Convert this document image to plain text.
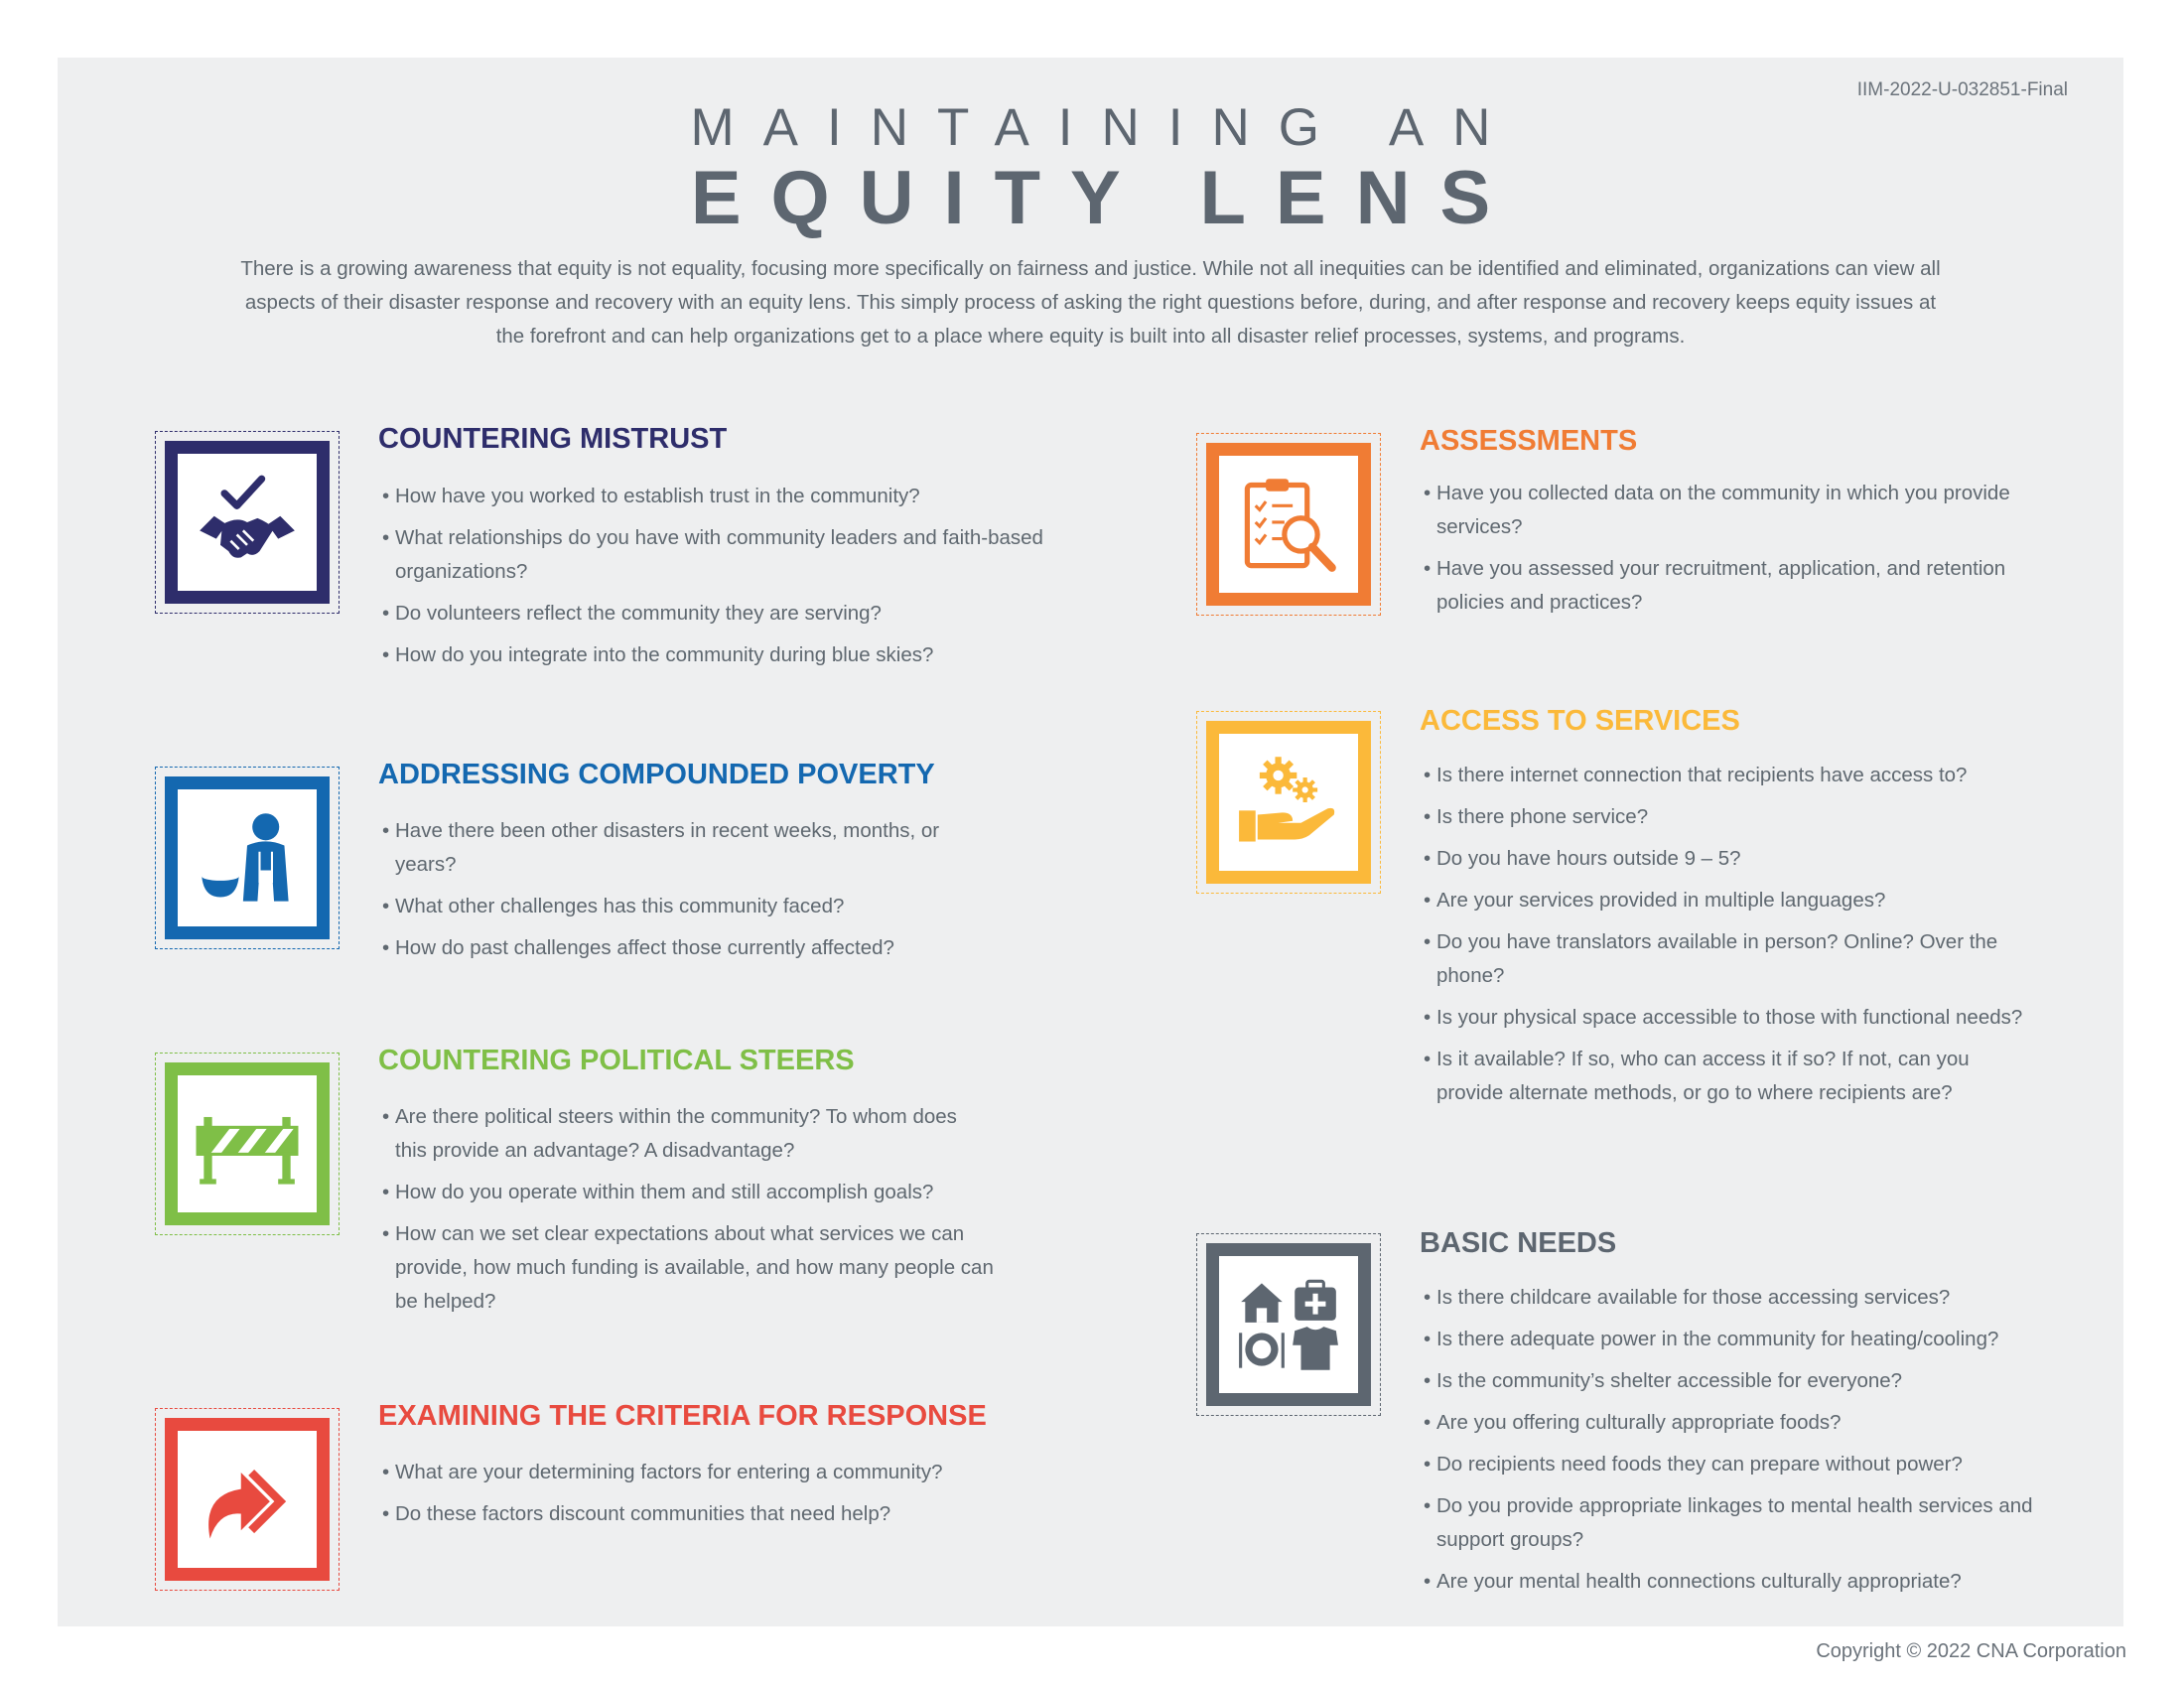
IIM-2022-U-032851-Final
MAINTAINING AN
EQUITY LENS
There is a growing awareness that equity is not equality, focusing more specifically on fairness and justice. While not all inequities can be identified and eliminated, organizations can view all aspects of their disaster response and recovery with an equity lens. This simply process of asking the right questions before, during, and after response and recovery keeps equity issues at the forefront and can help organizations get to a place where equity is built into all disaster relief processes, systems, and programs.
COUNTERING MISTRUST
• How have you worked to establish trust in the community?
• What relationships do you have with community leaders and faith-based organizations?
• Do volunteers reflect the community they are serving?
• How do you integrate into the community during blue skies?
ADDRESSING COMPOUNDED POVERTY
• Have there been other disasters in recent weeks, months, or years?
• What other challenges has this community faced?
• How do past challenges affect those currently affected?
COUNTERING POLITICAL STEERS
• Are there political steers within the community? To whom does this provide an advantage? A disadvantage?
• How do you operate within them and still accomplish goals?
• How can we set clear expectations about what services we can provide, how much funding is available, and how many people can be helped?
EXAMINING THE CRITERIA FOR RESPONSE
• What are your determining factors for entering a community?
• Do these factors discount communities that need help?
ASSESSMENTS
• Have you collected data on the community in which you provide services?
• Have you assessed your recruitment, application, and retention policies and practices?
ACCESS TO SERVICES
• Is there internet connection that recipients have access to?
• Is there phone service?
• Do you have hours outside 9 – 5?
• Are your services provided in multiple languages?
• Do you have translators available in person? Online? Over the phone?
• Is your physical space accessible to those with functional needs?
• Is it available? If so, who can access it if so? If not, can you provide alternate methods, or go to where recipients are?
BASIC NEEDS
• Is there childcare available for those accessing services?
• Is there adequate power in the community for heating/cooling?
• Is the community’s shelter accessible for everyone?
• Are you offering culturally appropriate foods?
• Do recipients need foods they can prepare without power?
• Do you provide appropriate linkages to mental health services and support groups?
• Are your mental health connections culturally appropriate?
Copyright © 2022 CNA Corporation
